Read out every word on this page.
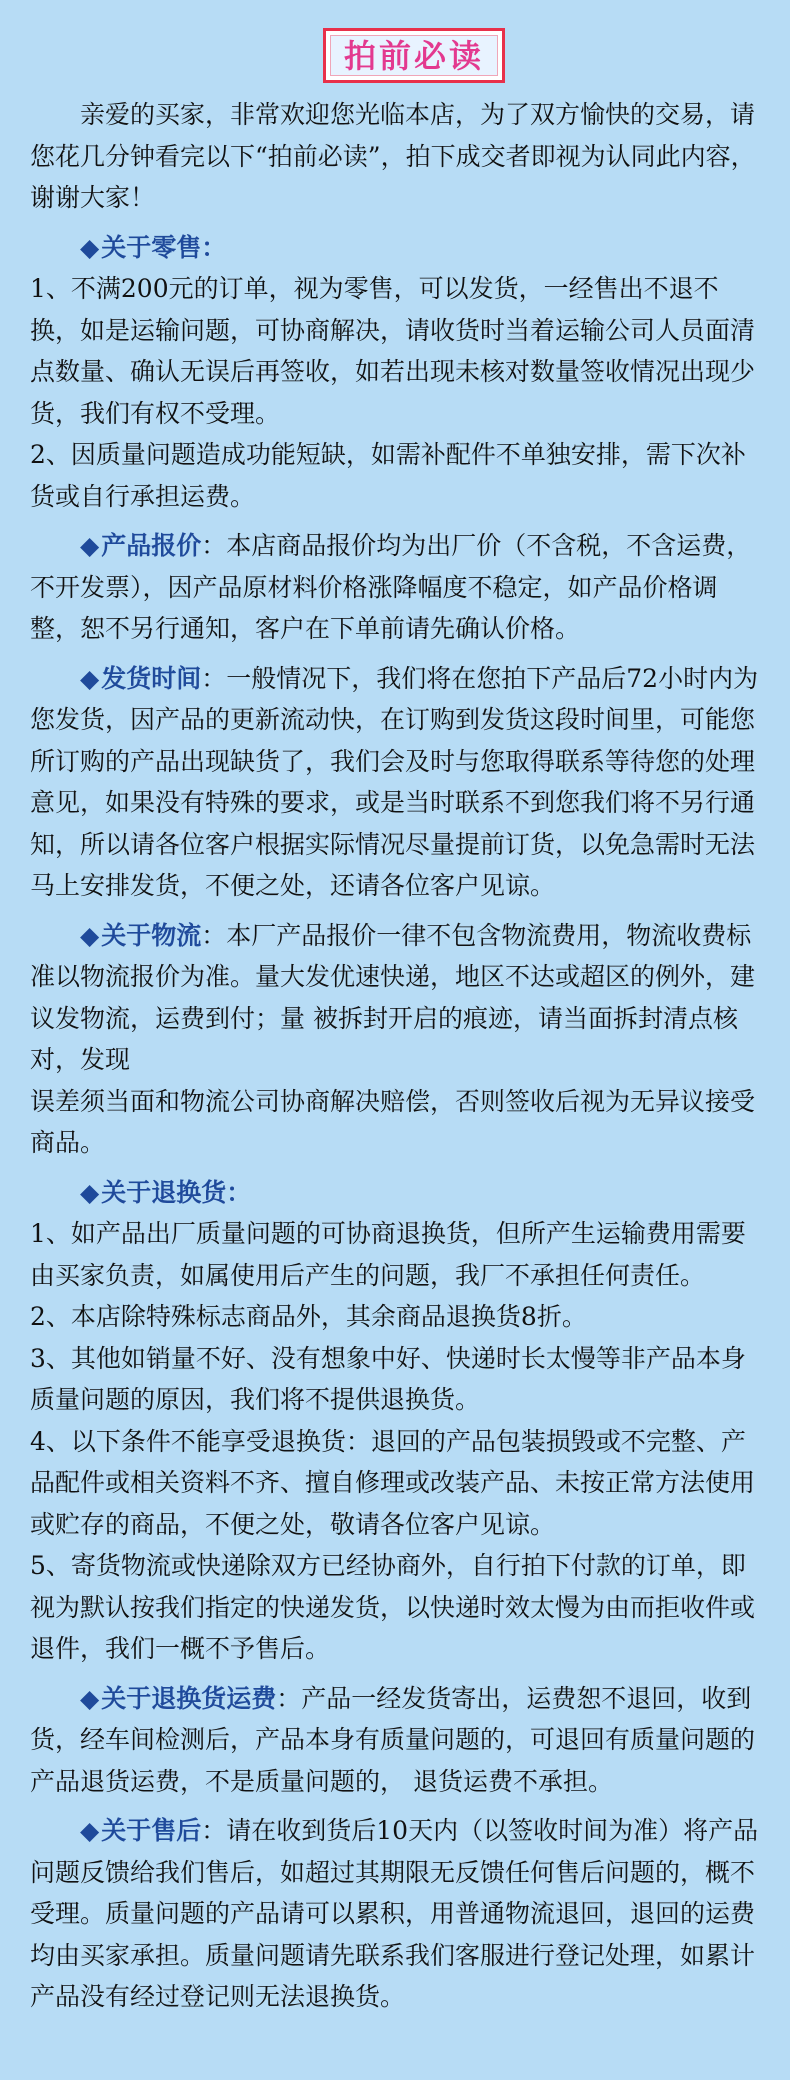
拍前必读

亲爱的买家，非常欢迎您光临本店，为了双方愉快的交易，请您花几分钟看完以下“拍前必读”，拍下成交者即视为认同此内容，谢谢大家！

◆关于零售：

1、不满200元的订单，视为零售，可以发货，一经售出不退不换，如是运输问题，可协商解决，请收货时当着运输公司人员面清点数量、确认无误后再签收，如若出现未核对数量签收情况出现少货，我们有权不受理。

2、因质量问题造成功能短缺，如需补配件不单独安排，需下次补货或自行承担运费。

◆产品报价：本店商品报价均为出厂价（不含税，不含运费，不开发票），因产品原材料价格涨降幅度不稳定，如产品价格调整，恕不另行通知，客户在下单前请先确认价格。

◆发货时间：一般情况下，我们将在您拍下产品后72小时内为您发货，因产品的更新流动快，在订购到发货这段时间里，可能您所订购的产品出现缺货了，我们会及时与您取得联系等待您的处理意见，如果没有特殊的要求，或是当时联系不到您我们将不另行通知，所以请各位客户根据实际情况尽量提前订货，以免急需时无法马上安排发货，不便之处，还请各位客户见谅。

◆关于物流：本厂产品报价一律不包含物流费用，物流收费标准以物流报价为准。量大发优速快递，地区不达或超区的例外，建议发物流，运费到付；量 被拆封开启的痕迹，请当面拆封清点核对，发现

误差须当面和物流公司协商解决赔偿，否则签收后视为无异议接受商品。

◆关于退换货：

1、如产品出厂质量问题的可协商退换货，但所产生运输费用需要由买家负责，如属使用后产生的问题，我厂不承担任何责任。

2、本店除特殊标志商品外，其余商品退换货8折。

3、其他如销量不好、没有想象中好、快递时长太慢等非产品本身质量问题的原因，我们将不提供退换货。

4、以下条件不能享受退换货：退回的产品包装损毁或不完整、产品配件或相关资料不齐、擅自修理或改装产品、未按正常方法使用或贮存的商品，不便之处，敬请各位客户见谅。

5、寄货物流或快递除双方已经协商外，自行拍下付款的订单，即视为默认按我们指定的快递发货，以快递时效太慢为由而拒收件或退件，我们一概不予售后。

◆关于退换货运费：产品一经发货寄出，运费恕不退回，收到货，经车间检测后，产品本身有质量问题的，可退回有质量问题的产品退货运费，不是质量问题的， 退货运费不承担。

◆关于售后：请在收到货后10天内（以签收时间为准）将产品问题反馈给我们售后，如超过其期限无反馈任何售后问题的，概不受理。质量问题的产品请可以累积，用普通物流退回，退回的运费均由买家承担。质量问题请先联系我们客服进行登记处理，如累计产品没有经过登记则无法退换货。
